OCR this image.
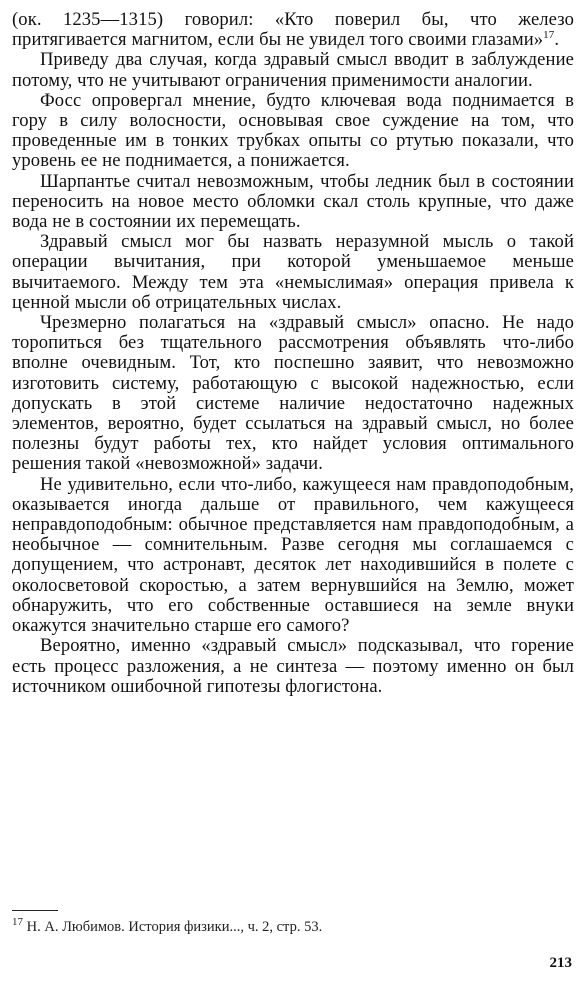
(ок. 1235—1315) говорил: «Кто поверил бы, что железо притягивается магнитом, если бы не увидел того своими глазами»$^{17}$.

Приведу два случая, когда здравый смысл вводит в заблуждение потому, что не учитывают ограничения применимости аналогии.

Фосс опровергал мнение, будто ключевая вода поднимается в гору в силу волосности, основывая свое суждение на том, что проведенные им в тонких трубках опыты со ртутью показали, что уровень ее не поднимается, а понижается.

Шарпантье считал невозможным, чтобы ледник был в состоянии переносить на новое место обломки скал столь крупные, что даже вода не в состоянии их перемещать.

Здравый смысл мог бы назвать неразумной мысль о такой операции вычитания, при которой уменьшаемое меньше вычитаемого. Между тем эта «немыслимая» операция привела к ценной мысли об отрицательных числах.

Чрезмерно полагаться на «здравый смысл» опасно. Не надо торопиться без тщательного рассмотрения объявлять что-либо вполне очевидным. Тот, кто поспешно заявит, что невозможно изготовить систему, работающую с высокой надежностью, если допускать в этой системе наличие недостаточно надежных элементов, вероятно, будет ссылаться на здравый смысл, но более полезны будут работы тех, кто найдет условия оптимального решения такой «невозможной» задачи.

Не удивительно, если что-либо, кажущееся нам правдоподобным, оказывается иногда дальше от правильного, чем кажущееся неправдоподобным: обычное представляется нам правдоподобным, а необычное — сомнительным. Разве сегодня мы соглашаемся с допущением, что астронавт, десяток лет находившийся в полете с околосветовой скоростью, а затем вернувшийся на Землю, может обнаружить, что его собственные оставшиеся на земле внуки окажутся значительно старше его самого?

Вероятно, именно «здравый смысл» подсказывал, что горение есть процесс разложения, а не синтеза — поэтому именно он был источником ошибочной гипотезы флогистона.

$^{17}$ Н. А. Любимов. История физики..., ч. 2, стр. 53.
213
